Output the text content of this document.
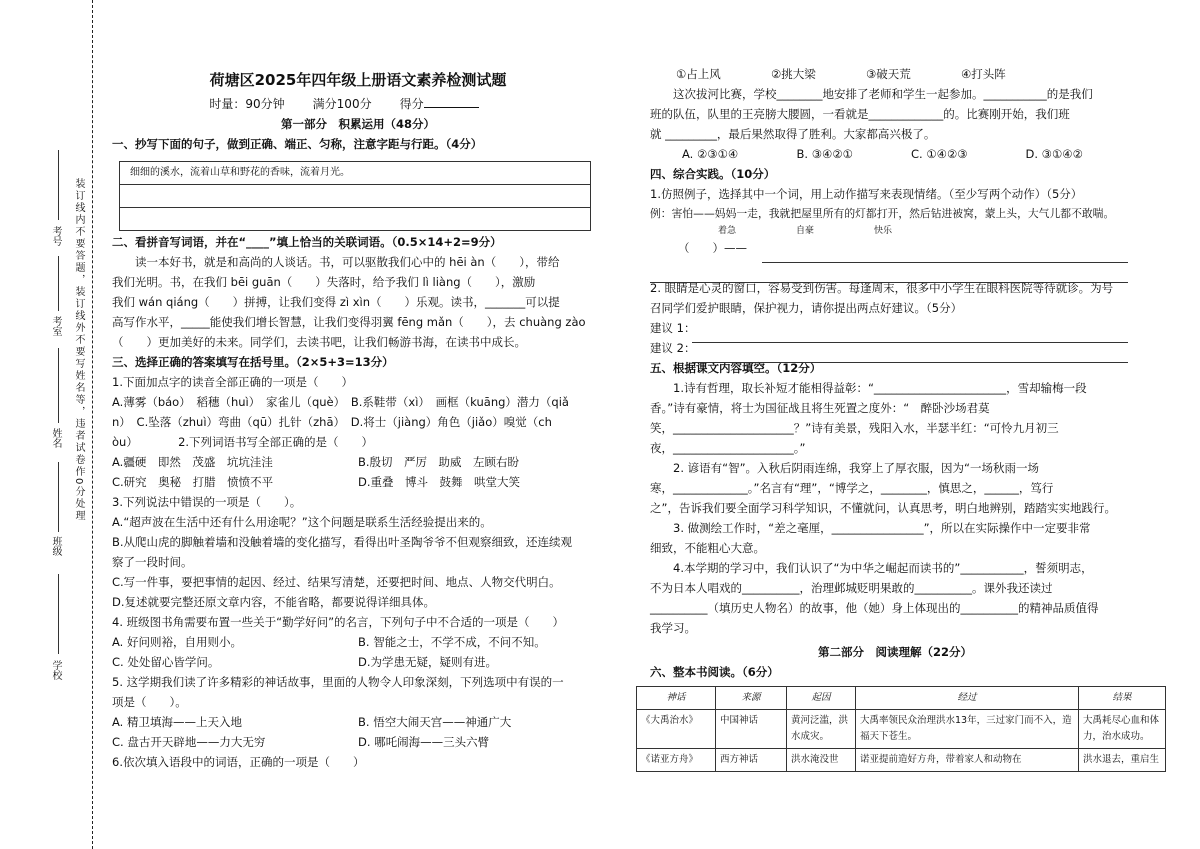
装订线内不要答题，装订线外不要写姓名等，违者试卷作0分处理
考号
考室
姓名
班级
学校

荷塘区2025年四年级上册语文素养检测试题

时量：90分钟 满分100分 得分

第一部分　积累运用（48分）

一、抄写下面的句子，做到正确、端正、匀称，注意字距与行距。（4分）

细细的溪水，流着山草和野花的香味，流着月光。

二、看拼音写词语，并在“____”填上恰当的关联词语。（0.5×14+2=9分）

　　读一本好书，就是和高尚的人谈话。书，可以驱散我们心中的 hēi àn（　　），带给

我们光明。书，在我们 bēi guān（　　）失落时，给予我们 lì liàng（　　），激励

我们 wán qiáng（　　）拼搏，让我们变得 zì xìn（　　）乐观。读书，_______可以提

高写作水平，_____能使我们增长智慧，让我们变得羽翼 fēng mǎn（　　），去 chuàng zào

（　　）更加美好的未来。同学们，去读书吧，让我们畅游书海，在读书中成长。

三、选择正确的答案填写在括号里。（2×5+3=13分）

1.下面加点字的读音全部正确的一项是（　　）

A.薄雾（báo）　稻穗（huì）　家雀儿（què）　B.系鞋带（xì）　画框（kuāng）潜力（qiǎ

n）　C.坠落（zhuì）弯曲（qū）扎针（zhā）　D.将士（jiàng）角色（jiǎo）嗅觉（ch

òu）　　　　2.下列词语书写全部正确的是（　　）

A.疆硬　即然　茂盛　坑坑洼洼	B.殷切　严厉　助威　左顾右盼

C.研究　奥秘　打腊　愤愤不平	D.重叠　博斗　鼓舞　哄堂大笑

3.下列说法中错误的一项是（　　）。

A.“超声波在生活中还有什么用途呢？”这个问题是联系生活经验提出来的。

B.从爬山虎的脚触着墙和没触着墙的变化描写，看得出叶圣陶爷爷不但观察细致，还连续观

察了一段时间。

C.写一件事，要把事情的起因、经过、结果写清楚，还要把时间、地点、人物交代明白。

D.复述就要完整还原文章内容，不能省略，都要说得详细具体。

4. 班级图书角需要布置一些关于“勤学好问”的名言，下列句子中不合适的一项是（　　）

A. 好问则裕，自用则小。	B. 智能之士，不学不成，不问不知。

C. 处处留心皆学问。	D.为学患无疑，疑则有进。

5. 这学期我们读了许多精彩的神话故事，里面的人物令人印象深刻，下列选项中有误的一

项是（　　）。

A. 精卫填海——上天入地	B. 悟空大闹天宫——神通广大

C. 盘古开天辟地——力大无穷	D. 哪吒闹海——三头六臂

6.依次填入语段中的词语，正确的一项是（　　）

①占上风	②挑大梁	③破天荒	④打头阵

　　这次拔河比赛，学校________地安排了老师和学生一起参加。___________的是我们

班的队伍，队里的王亮膀大腰圆，一看就是_____________的。比赛刚开始，我们班

就 _________，最后果然取得了胜利。大家都高兴极了。

A. ②③①④	B. ③④②①	C. ①④②③	D. ③①④②

四、综合实践。（10分）

1.仿照例子，选择其中一个词，用上动作描写来表现情绪。（至少写两个动作）（5分）

例：害怕——妈妈一走，我就把屋里所有的灯都打开，然后钻进被窝，蒙上头，大气儿都不敢喘。

着急	自豪	快乐

（　　）——

2. 眼睛是心灵的窗口，容易受到伤害。每逢周末，很多中小学生在眼科医院等待就诊。为号

召同学们爱护眼睛，保护视力，请你提出两点好建议。（5分）

建议 1：

建议 2：

五、根据课文内容填空。（12分）

　　1.诗有哲理，取长补短才能相得益彰：“_______________________，雪却输梅一段

香。”诗有豪情，将士为国征战且将生死置之度外：“　醉卧沙场君莫

笑，_____________________？”诗有美景，残阳入水，半瑟半红：“可怜九月初三

夜，_____________________。”

　　2. 谚语有“智”。入秋后阴雨连绵，我穿上了厚衣服，因为“一场秋雨一场

寒，_____________。”名言有“理”，“博学之，________，慎思之，______，笃行

之”，告诉我们要全面学习科学知识，不懂就问，认真思考，明白地辨别，踏踏实实地践行。

　　3. 做测绘工作时，“差之毫厘，________________”，所以在实际操作中一定要非常

细致，不能粗心大意。

　　4.本学期的学习中，我们认识了“为中华之崛起而读书的”___________，誓须明志，

不为日本人唱戏的__________，治理邺城贬明果敢的__________。课外我还读过

__________（填历史人物名）的故事，他（她）身上体现出的__________的精神品质值得

我学习。

第二部分　阅读理解（22分）

六、整本书阅读。（6分）

神话	来源	起因	经过	结果
《大禹治水》	中国神话	黄河泛滥，洪水成灾。	大禹率领民众治理洪水13年，三过家门而不入，造福天下苍生。	大禹耗尽心血和体力，治水成功。
《诺亚方舟》	西方神话	洪水淹没世	诺亚提前造好方舟，带着家人和动物在	洪水退去，重启生
